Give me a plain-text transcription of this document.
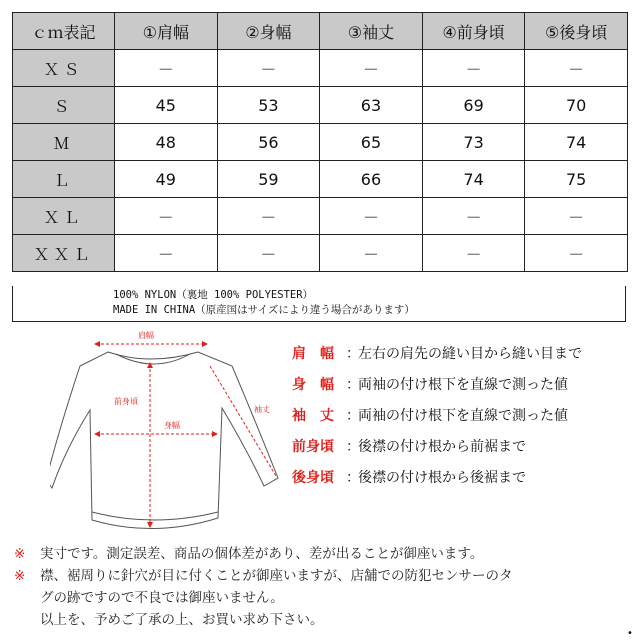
ｃｍ表記	①肩幅	②身幅	③袖丈	④前身頃	⑤後身頃
ＸＳ	－	－	－	－	－
Ｓ	45	53	63	69	70
Ｍ	48	56	65	73	74
Ｌ	49	59	66	74	75
ＸＬ	－	－	－	－	－
ＸＸＬ	－	－	－	－	－
100% NYLON（裏地 100% POLYESTER）
MADE IN CHINA（原産国はサイズにより違う場合があります）
肩幅
前身頃
身幅
袖丈
肩　幅 ：左右の肩先の縫い目から縫い目まで
身　幅 ：両袖の付け根下を直線で測った値
袖　丈 ：両袖の付け根下を直線で測った値
前身頃 ：後襟の付け根から前裾まで
後身頃 ：後襟の付け根から後裾まで
※ 実寸です。測定誤差、商品の個体差があり、差が出ることが御座います。
※ 襟、裾周りに針穴が目に付くことが御座いますが、店舗での防犯センサーのタ
グの跡ですので不良では御座いません。
以上を、予めご了承の上、お買い求め下さい。
•
